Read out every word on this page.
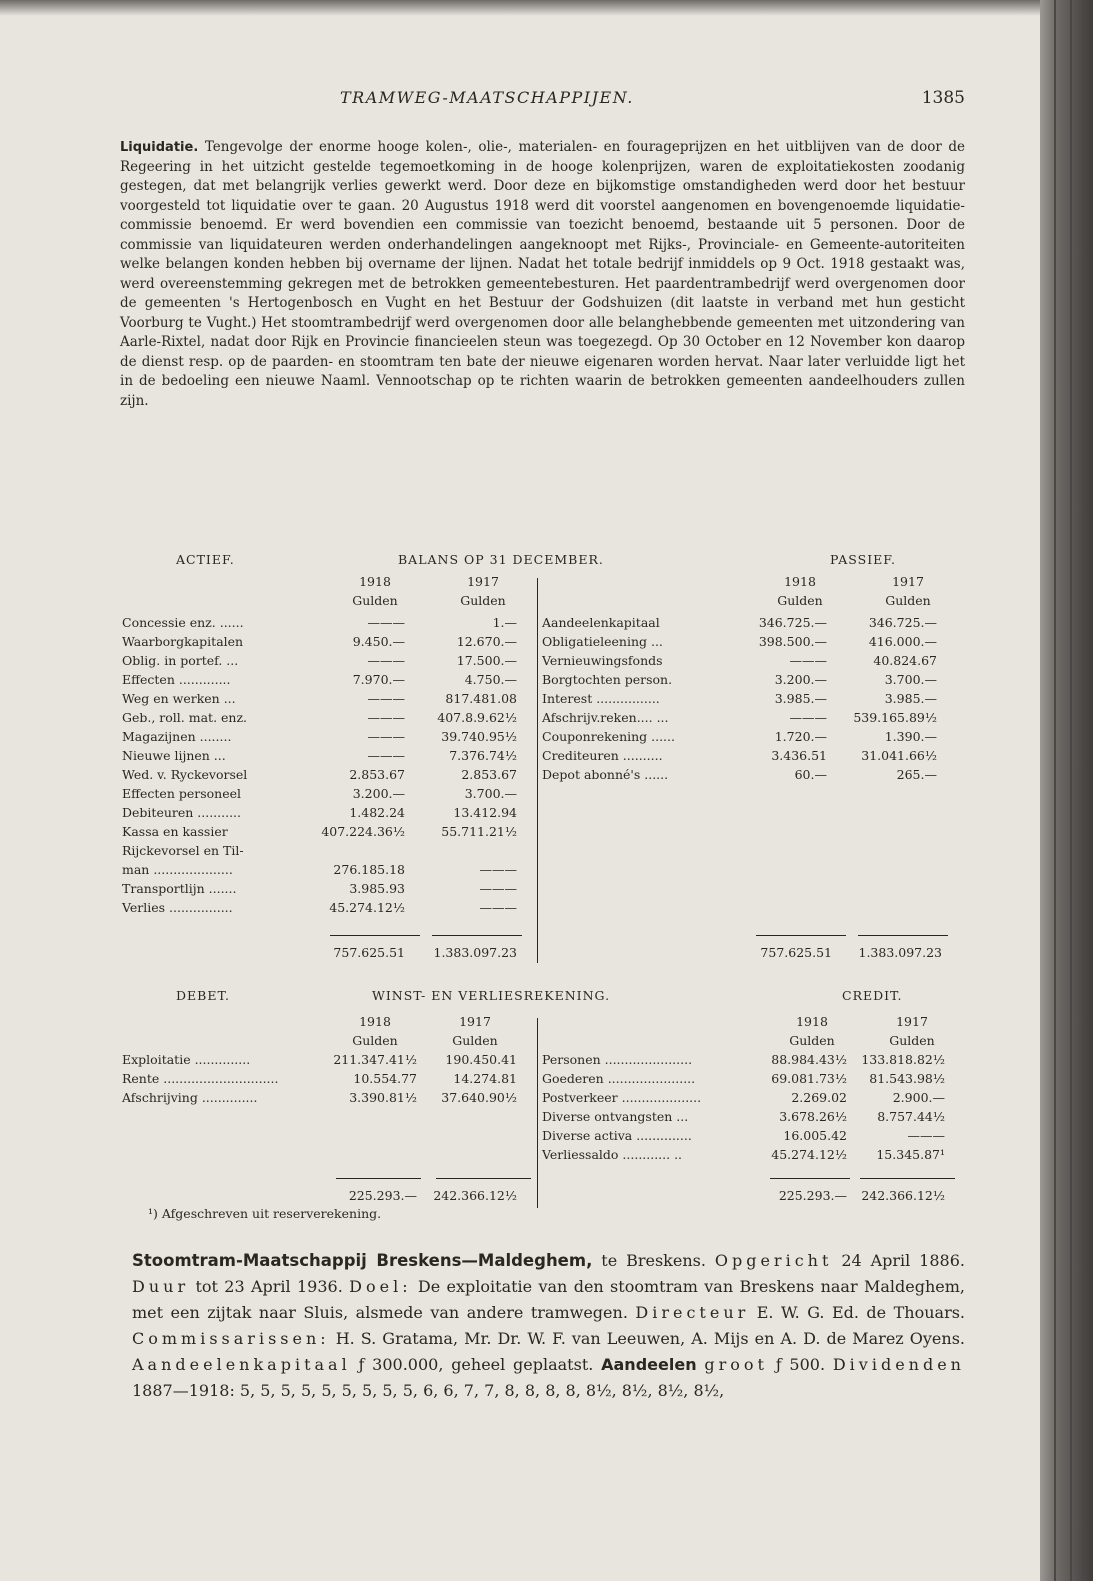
TRAMWEG-MAATSCHAPPIJEN.	1385

Liquidatie. Tengevolge der enorme hooge kolen-, olie-, materialen- en fourageprijzen en het uitblijven van de door de Regeering in het uitzicht gestelde tegemoetkoming in de hooge kolenprijzen, waren de exploitatiekosten zoodanig gestegen, dat met belangrijk verlies gewerkt werd. Door deze en bijkomstige omstandigheden werd door het bestuur voorgesteld tot liquidatie over te gaan. 20 Augustus 1918 werd dit voorstel aangenomen en bovengenoemde liquidatie-commissie benoemd. Er werd bovendien een commissie van toezicht benoemd, bestaande uit 5 personen. Door de commissie van liquidateuren werden onderhandelingen aangeknoopt met Rijks-, Provinciale- en Gemeente-autoriteiten welke belangen konden hebben bij overname der lijnen. Nadat het totale bedrijf inmiddels op 9 Oct. 1918 gestaakt was, werd overeenstemming gekregen met de betrokken gemeentebesturen. Het paardentrambedrijf werd overgenomen door de gemeenten 's Hertogenbosch en Vught en het Bestuur der Godshuizen (dit laatste in verband met hun gesticht Voorburg te Vught.) Het stoomtrambedrijf werd overgenomen door alle belanghebbende gemeenten met uitzondering van Aarle-Rixtel, nadat door Rijk en Provincie financieelen steun was toegezegd. Op 30 October en 12 November kon daarop de dienst resp. op de paarden- en stoomtram ten bate der nieuwe eigenaren worden hervat. Naar later verluidde ligt het in de bedoeling een nieuwe Naaml. Vennootschap op te richten waarin de betrokken gemeenten aandeelhouders zullen zijn.

ACTIEF.	BALANS OP 31 DECEMBER.	PASSIEF.
1918	1917
Gulden	Gulden
1918	1917
Gulden	Gulden
Concessie enz. ......	———	1.—
Waarborgkapitalen	9.450.—	12.670.—
Oblig. in portef. ...	———	17.500.—
Effecten .............	7.970.—	4.750.—
Weg en werken ...	———	817.481.08
Geb., roll. mat. enz.	———	407.8.9.62½
Magazijnen ........	———	39.740.95½
Nieuwe lijnen ...	———	7.376.74½
Wed. v. Ryckevorsel	2.853.67	2.853.67
Effecten personeel	3.200.—	3.700.—
Debiteuren ...........	1.482.24	13.412.94
Kassa en kassier	407.224.36½	55.711.21½
Rijckevorsel en Til-
man ....................	276.185.18	———
Transportlijn .......	3.985.93	———
Verlies ................	45.274.12½	———
757.625.51 1.383.097.23
Aandeelenkapitaal	346.725.—	346.725.—
Obligatieleening ...	398.500.—	416.000.—
Vernieuwingsfonds	———	40.824.67
Borgtochten person.	3.200.—	3.700.—
Interest ................	3.985.—	3.985.—
Afschrijv.reken.... ...	——— 539.165.89½
Couponrekening ......	1.720.—	1.390.—
Crediteuren ..........	3.436.51	31.041.66½
Depot abonné's ......	60.—	265.—
757.625.51 1.383.097.23
DEBET.	WINST- EN VERLIESREKENING.	CREDIT.
1918	1917
Gulden	Gulden
1918	1917
Gulden	Gulden
Exploitatie ..............	211.347.41½ 190.450.41
Rente .............................	10.554.77	14.274.81
Afschrijving ..............	3.390.81½ 37.640.90½
Personen ......................	88.984.43½ 133.818.82½
Goederen ......................	69.081.73½ 81.543.98½
Postverkeer ....................	2.269.02	2.900.—
Diverse ontvangsten ...	3.678.26½ 8.757.44½
Diverse activa ..............	16.005.42	———
Verliessaldo ............ ..	45.274.12½ 15.345.87¹
225.293.— 242.366.12½	225.293.— 242.366.12½
¹) Afgeschreven uit reserverekening.

Stoomtram-Maatschappij Breskens—Maldeghem, te Breskens. Opgericht 24 April 1886. Duur tot 23 April 1936. Doel: De exploitatie van den stoomtram van Breskens naar Maldeghem, met een zijtak naar Sluis, alsmede van andere tramwegen. Directeur E. W. G. Ed. de Thouars. Commissarissen: H. S. Gratama, Mr. Dr. W. F. van Leeuwen, A. Mijs en A. D. de Marez Oyens. Aandeelenkapitaal ƒ 300.000, geheel geplaatst. Aandeelen groot ƒ 500. Dividenden 1887—1918: 5, 5, 5, 5, 5, 5, 5, 5, 5, 6, 6, 7, 7, 8, 8, 8, 8, 8½, 8½, 8½, 8½,
